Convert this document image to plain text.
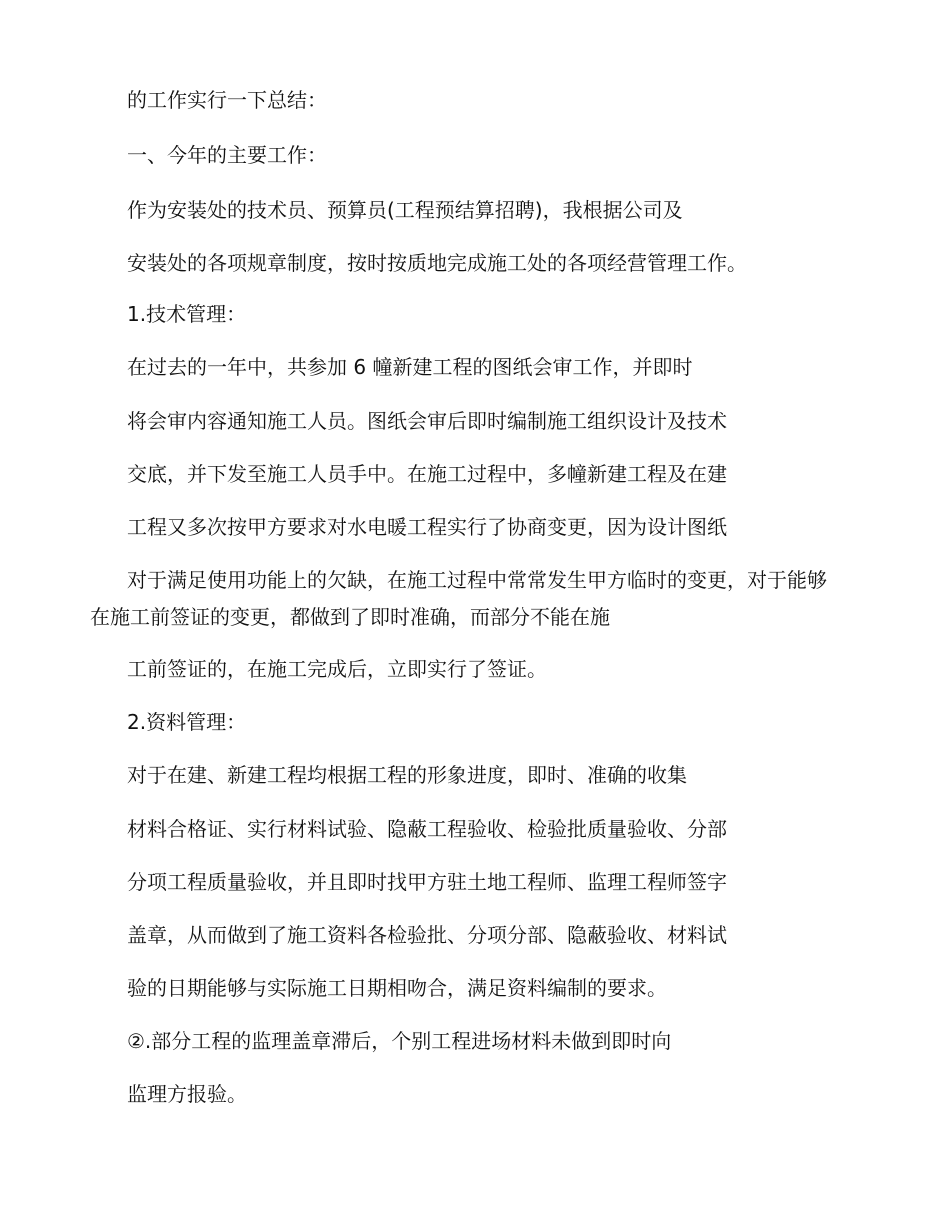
的工作实行一下总结：

一、今年的主要工作：

作为安装处的技术员、预算员(工程预结算招聘)，我根据公司及

安装处的各项规章制度，按时按质地完成施工处的各项经营管理工作。

1.技术管理：

在过去的一年中，共参加 6 幢新建工程的图纸会审工作，并即时

将会审内容通知施工人员。图纸会审后即时编制施工组织设计及技术

交底，并下发至施工人员手中。在施工过程中，多幢新建工程及在建

工程又多次按甲方要求对水电暖工程实行了协商变更，因为设计图纸

对于满足使用功能上的欠缺，在施工过程中常常发生甲方临时的变更，对于能够

在施工前签证的变更，都做到了即时准确，而部分不能在施

工前签证的，在施工完成后，立即实行了签证。

2.资料管理：

对于在建、新建工程均根据工程的形象进度，即时、准确的收集

材料合格证、实行材料试验、隐蔽工程验收、检验批质量验收、分部

分项工程质量验收，并且即时找甲方驻土地工程师、监理工程师签字

盖章，从而做到了施工资料各检验批、分项分部、隐蔽验收、材料试

验的日期能够与实际施工日期相吻合，满足资料编制的要求。

②.部分工程的监理盖章滞后，个别工程进场材料未做到即时向

监理方报验。
